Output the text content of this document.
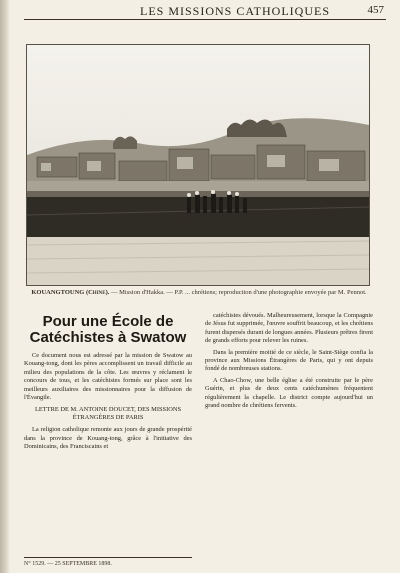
LES MISSIONS CATHOLIQUES	457
KOUANGTOUNG (Chine). — Mission d'Hakka. — P.P. ... chrétiens; reproduction d'une photographie envoyée par M. Pennot.
Pour une École de Catéchistes à Swatow

Ce document nous est adressé par la mission de Swatow au Kouang-tong, dont les pères accomplissent un travail difficile au milieu des populations de la côte. Les œuvres y réclament le concours de tous, et les catéchistes formés sur place sont les meilleurs auxiliaires des missionnaires pour la diffusion de l'Évangile.

LETTRE DE M. ANTOINE DOUCET, DES MISSIONS ÉTRANGÈRES DE PARIS

La religion catholique remonte aux jours de grande prospérité dans la province de Kouang-tong, grâce à l'initiative des Dominicains, des Franciscains et

catéchistes dévoués. Malheureusement, lorsque la Compagnie de Jésus fut supprimée, l'œuvre souffrit beaucoup, et les chrétiens furent dispersés durant de longues années. Plusieurs prêtres firent de grands efforts pour relever les ruines.

Dans la première moitié de ce siècle, le Saint-Siège confia la province aux Missions Étrangères de Paris, qui y ont depuis fondé de nombreuses stations.

A Chao-Chow, une belle église a été construite par le père Guérin, et plus de deux cents catéchumènes fréquentent régulièrement la chapelle. Le district compte aujourd'hui un grand nombre de chrétiens fervents.

N° 1529. — 25 SEPTEMBRE 1898.
